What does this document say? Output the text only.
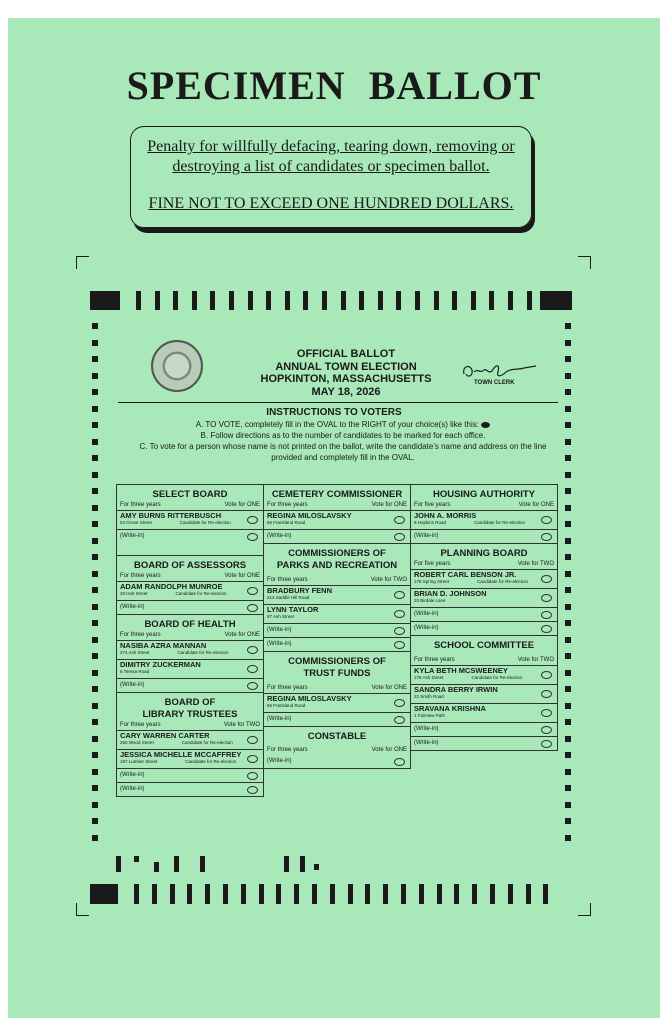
SPECIMEN BALLOT
Penalty for willfully defacing, tearing down, removing or
destroying a list of candidates or specimen ballot.
FINE NOT TO EXCEED ONE HUNDRED DOLLARS.
OFFICIAL BALLOT
ANNUAL TOWN ELECTION
HOPKINTON, MASSACHUSETTS
MAY 18, 2026
TOWN CLERK
INSTRUCTIONS TO VOTERS
A. TO VOTE, completely fill in the OVAL to the RIGHT of your choice(s) like this:
B. Follow directions as to the number of candidates to be marked for each office.
C. To vote for a person whose name is not printed on the ballot, write the candidate's name and address on the line provided and completely fill in the OVAL.
SELECT BOARD
For three years	Vote for ONE
AMY BURNS RITTERBUSCH
54 Grove Street	Candidate for Re-election
(Write-in)
BOARD OF ASSESSORS
For three years	Vote for ONE
ADAM RANDOLPH MUNROE
20 Holt Street	Candidate for Re-election
(Write-in)
BOARD OF HEALTH
For three years	Vote for ONE
NASIBA AZRA MANNAN
274 Ash Street	Candidate for Re-election
DIMITRY ZUCKERMAN
6 Teresa Road
(Write-in)
BOARD OF
LIBRARY TRUSTEES
For three years	Vote for TWO
CARY WARREN CARTER
250 Wood Street	Candidate for Re-election
JESSICA MICHELLE MCCAFFREY
197 Lumber Street	Candidate for Re-election
(Write-in)
(Write-in)
CEMETERY COMMISSIONER
For three years	Vote for ONE
REGINA MILOSLAVSKY
66 Frankland Road
(Write-in)
COMMISSIONERS OF
PARKS AND RECREATION
For three years	Vote for TWO
BRADBURY FENN
213 Saddle Hill Road
LYNN TAYLOR
87 Ash Street
(Write-in)
(Write-in)
COMMISSIONERS OF
TRUST FUNDS
For three years	Vote for ONE
REGINA MILOSLAVSKY
66 Frankland Road
(Write-in)
CONSTABLE
For three years	Vote for ONE
(Write-in)
HOUSING AUTHORITY
For five years	Vote for ONE
JOHN A. MORRIS
8 Hopkins Road	Candidate for Re-election
(Write-in)
PLANNING BOARD
For five years	Vote for TWO
ROBERT CARL BENSON JR.
178 Spring Street	Candidate for Re-election
BRIAN D. JOHNSON
20 Birdale Lane
(Write-in)
(Write-in)
SCHOOL COMMITTEE
For three years	Vote for TWO
KYLA BETH MCSWEENEY
176 Ash Street	Candidate for Re-election
SANDRA BERRY IRWIN
22 Smith Road
SRAVANA KRISHNA
1 Fairview Path
(Write-in)
(Write-in)
